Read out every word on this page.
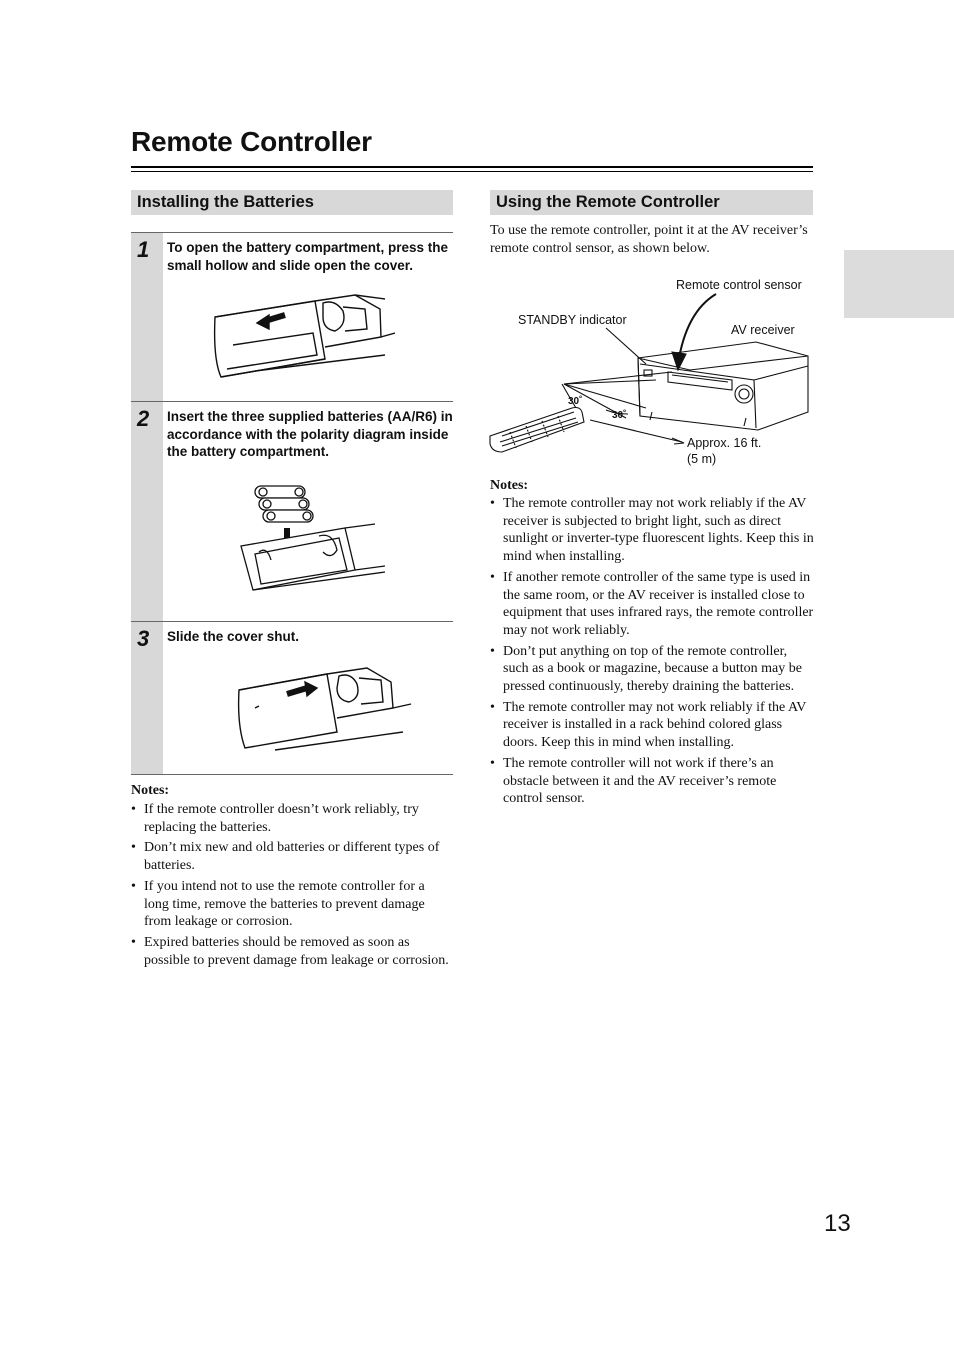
Remote Controller
Installing the Batteries
1 To open the battery compartment, press the small hollow and slide open the cover.
2 Insert the three supplied batteries (AA/R6) in accordance with the polarity diagram inside the battery compartment.
3 Slide the cover shut.
Notes:
• If the remote controller doesn’t work reliably, try replacing the batteries.
• Don’t mix new and old batteries or different types of batteries.
• If you intend not to use the remote controller for a long time, remove the batteries to prevent damage from leakage or corrosion.
• Expired batteries should be removed as soon as possible to prevent damage from leakage or corrosion.
Using the Remote Controller
To use the remote controller, point it at the AV receiver’s remote control sensor, as shown below.
Remote control sensor
STANDBY indicator
AV receiver
30˚
30˚
Approx. 16 ft.
(5 m)
Notes:
• The remote controller may not work reliably if the AV receiver is subjected to bright light, such as direct sunlight or inverter-type fluorescent lights. Keep this in mind when installing.
• If another remote controller of the same type is used in the same room, or the AV receiver is installed close to equipment that uses infrared rays, the remote controller may not work reliably.
• Don’t put anything on top of the remote controller, such as a book or magazine, because a button may be pressed continuously, thereby draining the batteries.
• The remote controller may not work reliably if the AV receiver is installed in a rack behind colored glass doors. Keep this in mind when installing.
• The remote controller will not work if there’s an obstacle between it and the AV receiver’s remote control sensor.
13
